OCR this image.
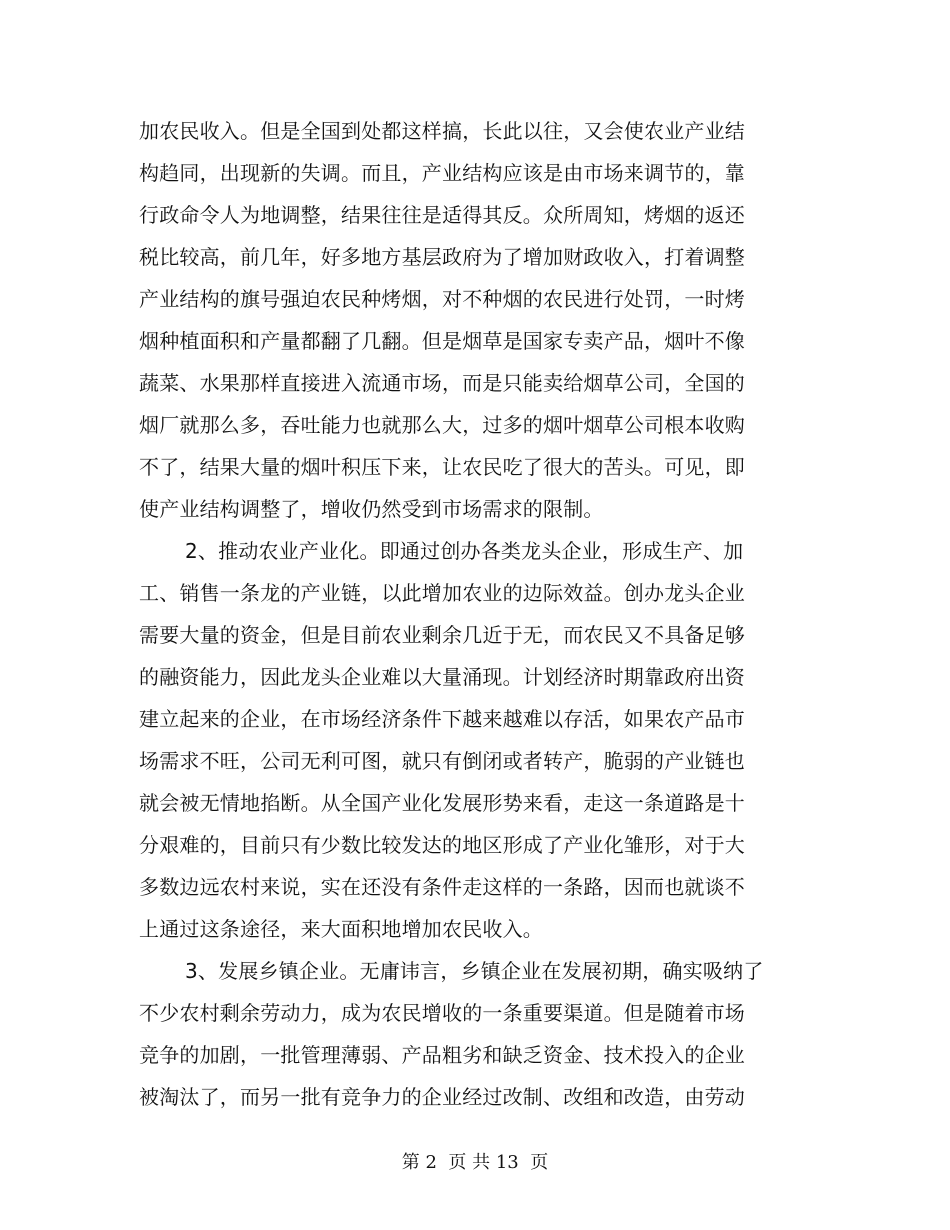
加农民收入。但是全国到处都这样搞，长此以往，又会使农业产业结
构趋同，出现新的失调。而且，产业结构应该是由市场来调节的，靠
行政命令人为地调整，结果往往是适得其反。众所周知，烤烟的返还
税比较高，前几年，好多地方基层政府为了增加财政收入，打着调整
产业结构的旗号强迫农民种烤烟，对不种烟的农民进行处罚，一时烤
烟种植面积和产量都翻了几翻。但是烟草是国家专卖产品，烟叶不像
蔬菜、水果那样直接进入流通市场，而是只能卖给烟草公司，全国的
烟厂就那么多，吞吐能力也就那么大，过多的烟叶烟草公司根本收购
不了，结果大量的烟叶积压下来，让农民吃了很大的苦头。可见，即
使产业结构调整了，增收仍然受到市场需求的限制。
2、推动农业产业化。即通过创办各类龙头企业，形成生产、加
工、销售一条龙的产业链，以此增加农业的边际效益。创办龙头企业
需要大量的资金，但是目前农业剩余几近于无，而农民又不具备足够
的融资能力，因此龙头企业难以大量涌现。计划经济时期靠政府出资
建立起来的企业，在市场经济条件下越来越难以存活，如果农产品市
场需求不旺，公司无利可图，就只有倒闭或者转产，脆弱的产业链也
就会被无情地掐断。从全国产业化发展形势来看，走这一条道路是十
分艰难的，目前只有少数比较发达的地区形成了产业化雏形，对于大
多数边远农村来说，实在还没有条件走这样的一条路，因而也就谈不
上通过这条途径，来大面积地增加农民收入。
3、发展乡镇企业。无庸讳言，乡镇企业在发展初期，确实吸纳了
不少农村剩余劳动力，成为农民增收的一条重要渠道。但是随着市场
竞争的加剧，一批管理薄弱、产品粗劣和缺乏资金、技术投入的企业
被淘汰了，而另一批有竞争力的企业经过改制、改组和改造，由劳动
第 2  页 共 13  页
